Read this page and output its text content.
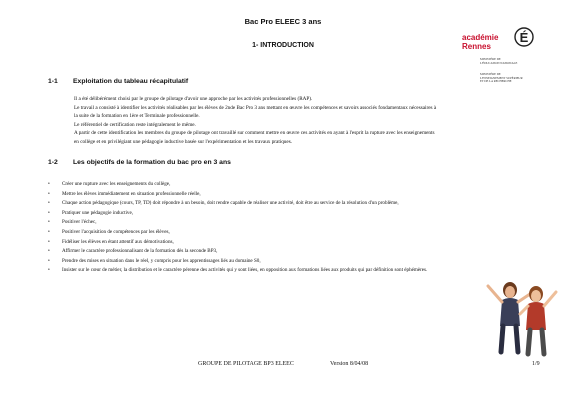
Bac Pro ELEEC 3 ans
1- INTRODUCTION
académie
Rennes
É
MINISTÈRE DE
L'ÉDUCATION NATIONALE
MINISTÈRE DE
L'ENSEIGNEMENT SUPÉRIEUR
ET DE LA RECHERCHE
1-1 Exploitation du tableau récapitulatif

Il a été délibérément choisi par le groupe de pilotage d'avoir une approche par les activités professionnelles (RAP).

Le travail a consisté à identifier les activités réalisables par les élèves de 2nde Bac Pro 3 ans mettant en œuvre les compétences et savoirs associés fondamentaux nécessaires à

la suite de la formation en 1ère et Terminale professionnelle.

Le référentiel de certification reste intégralement le même.

A partir de cette identification les membres du groupe de pilotage ont travaillé sur comment mettre en œuvre ces activités en ayant à l'esprit la rupture avec les enseignements

en collège et en privilégiant une pédagogie inductive basée sur l'expérimentation et les travaux pratiques.

1-2 Les objectifs de la formation du bac pro en 3 ans
• Créer une rupture avec les enseignements du collège,
• Mettre les élèves immédiatement en situation professionnelle réelle,
• Chaque action pédagogique (cours, TP, TD) doit répondre à un besoin, doit rendre capable de réaliser une activité, doit être au service de la résolution d'un problème,
• Pratiquer une pédagogie inductive,
• Positiver l'échec,
• Positiver l'acquisition de compétences par les élèves,
• Fidéliser les élèves en étant attentif aux démotivations,
• Affirmer le caractère professionnalisant de la formation dès la seconde BP3,
• Prendre des mises en situation dans le réel, y compris pour les apprentissages liés au domaine S0,
• Insister sur le cœur de métier, la distribution et le caractère pérenne des activités qui y sont liées, en opposition aux formations liées aux produits qui par définition sont éphémères.
GROUPE DE PILOTAGE BP3 ELEEC	Version 8/04/08	1/9
